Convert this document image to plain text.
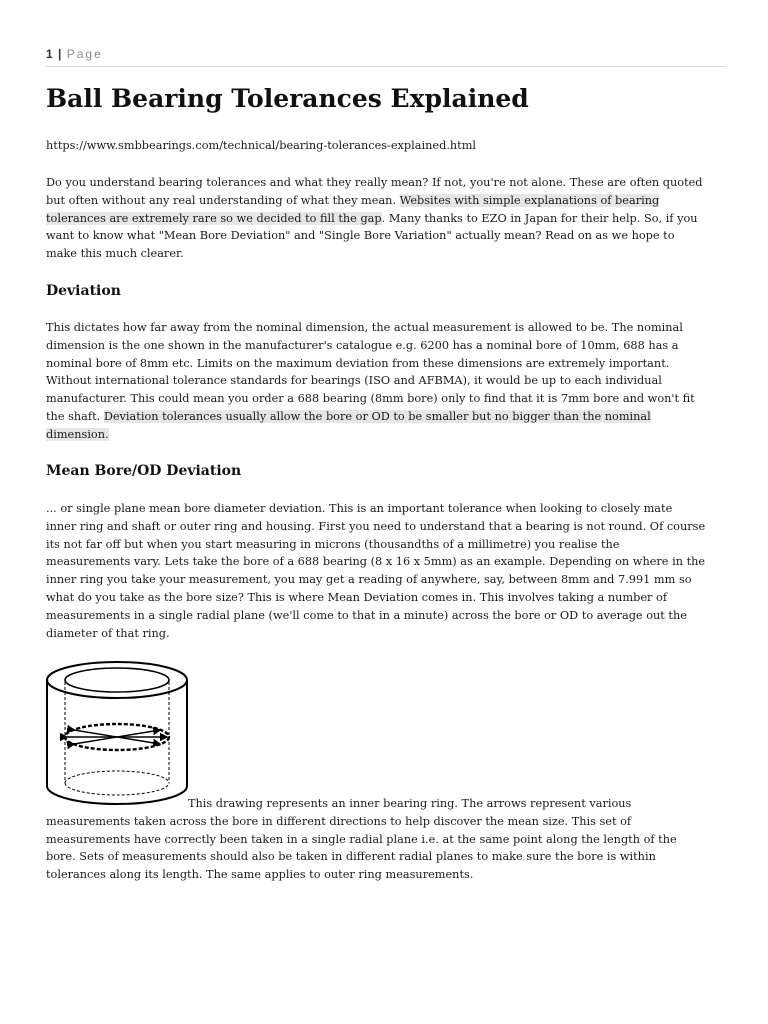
1 | Page
Ball Bearing Tolerances Explained
https://www.smbbearings.com/technical/bearing-tolerances-explained.html

Do you understand bearing tolerances and what they really mean? If not, you're not alone. These are often quoted but often without any real understanding of what they mean. Websites with simple explanations of bearing tolerances are extremely rare so we decided to fill the gap. Many thanks to EZO in Japan for their help. So, if you want to know what "Mean Bore Deviation" and "Single Bore Variation" actually mean? Read on as we hope to make this much clearer.

Deviation

This dictates how far away from the nominal dimension, the actual measurement is allowed to be. The nominal dimension is the one shown in the manufacturer's catalogue e.g. 6200 has a nominal bore of 10mm, 688 has a nominal bore of 8mm etc. Limits on the maximum deviation from these dimensions are extremely important. Without international tolerance standards for bearings (ISO and AFBMA), it would be up to each individual manufacturer. This could mean you order a 688 bearing (8mm bore) only to find that it is 7mm bore and won't fit the shaft. Deviation tolerances usually allow the bore or OD to be smaller but no bigger than the nominal dimension.

Mean Bore/OD Deviation

... or single plane mean bore diameter deviation. This is an important tolerance when looking to closely mate inner ring and shaft or outer ring and housing. First you need to understand that a bearing is not round. Of course its not far off but when you start measuring in microns (thousandths of a millimetre) you realise the measurements vary. Lets take the bore of a 688 bearing (8 x 16 x 5mm) as an example. Depending on where in the inner ring you take your measurement, you may get a reading of anywhere, say, between 8mm and 7.991 mm so what do you take as the bore size? This is where Mean Deviation comes in. This involves taking a number of measurements in a single radial plane (we'll come to that in a minute) across the bore or OD to average out the diameter of that ring.

This drawing represents an inner bearing ring. The arrows represent various measurements taken across the bore in different directions to help discover the mean size. This set of measurements have correctly been taken in a single radial plane i.e. at the same point along the length of the bore. Sets of measurements should also be taken in different radial planes to make sure the bore is within tolerances along its length. The same applies to outer ring measurements.
